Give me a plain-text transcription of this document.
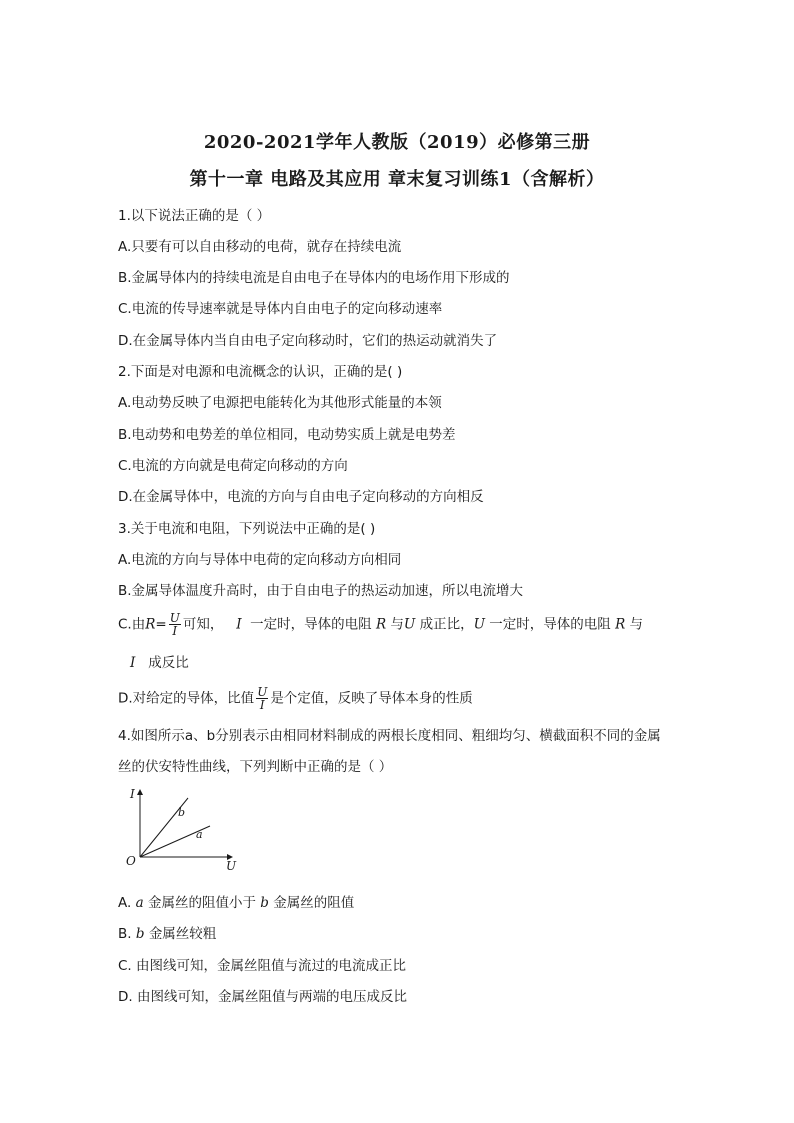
2020-2021学年人教版（2019）必修第三册
第十一章 电路及其应用 章末复习训练1（含解析）
1.以下说法正确的是（ ）
A.只要有可以自由移动的电荷，就存在持续电流
B.金属导体内的持续电流是自由电子在导体内的电场作用下形成的
C.电流的传导速率就是导体内自由电子的定向移动速率
D.在金属导体内当自由电子定向移动时，它们的热运动就消失了
2.下面是对电源和电流概念的认识，正确的是( )
A.电动势反映了电源把电能转化为其他形式能量的本领
B.电动势和电势差的单位相同，电动势实质上就是电势差
C.电流的方向就是电荷定向移动的方向
D.在金属导体中，电流的方向与自由电子定向移动的方向相反
3.关于电流和电阻，下列说法中正确的是( )
A.电流的方向与导体中电荷的定向移动方向相同
B.金属导体温度升高时，由于自由电子的热运动加速，所以电流增大
C.由$R= \frac{U}{I}$ 可知， I 一定时，导体的电阻 R 与U 成正比，U 一定时，导体的电阻 R 与
I 成反比
D.对给定的导体，比值 $\frac{U}{I}$ 是个定值，反映了导体本身的性质
4.如图所示a、b分别表示由相同材料制成的两根长度相同、粗细均匀、横截面积不同的金属
丝的伏安特性曲线，下列判断中正确的是（ ）
I
U
O
b
a
A. a 金属丝的阻值小于 b 金属丝的阻值
B. b 金属丝较粗
C. 由图线可知，金属丝阻值与流过的电流成正比
D. 由图线可知，金属丝阻值与两端的电压成反比
